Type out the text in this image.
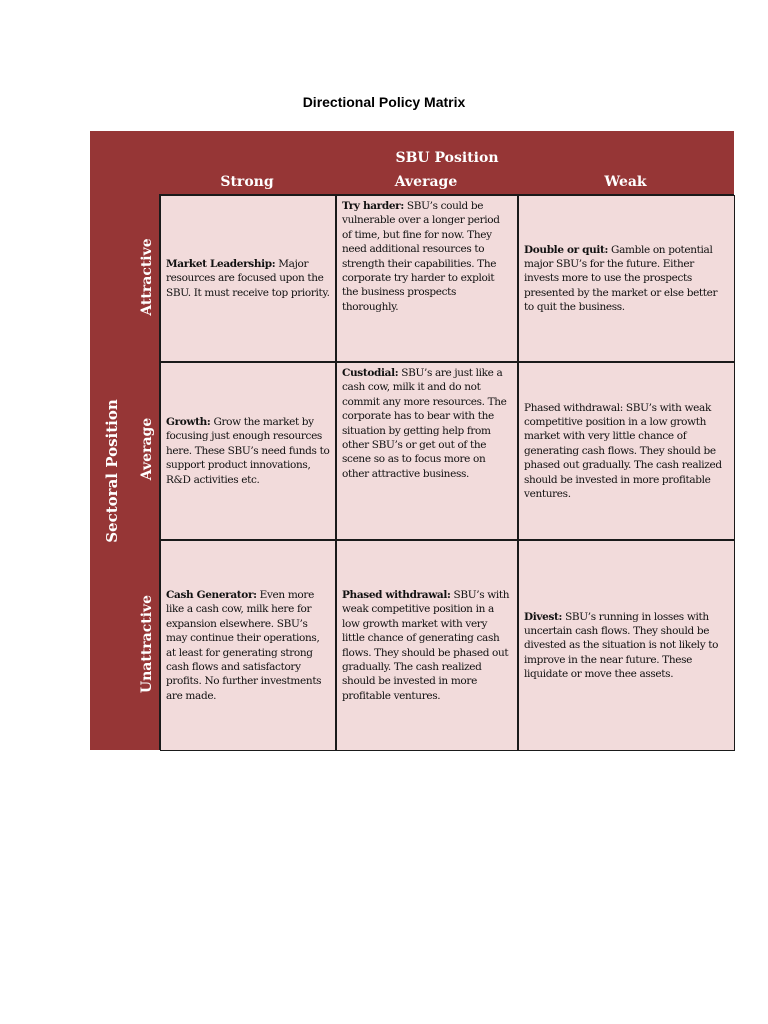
Directional Policy Matrix
SBU Position
Strong	Average	Weak
Sectoral Position
Attractive
Average
Unattractive
Market Leadership: Major resources are focused upon the SBU. It must receive top priority.
Try harder: SBU’s could be vulnerable over a longer period of time, but fine for now. They need additional resources to strength their capabilities. The corporate try harder to exploit the business prospects thoroughly.
Double or quit: Gamble on potential major SBU’s for the future. Either invests more to use the prospects presented by the market or else better to quit the business.
Growth: Grow the market by focusing just enough resources here. These SBU’s need funds to support product innovations, R&D activities etc.
Custodial: SBU’s are just like a cash cow, milk it and do not commit any more resources. The corporate has to bear with the situation by getting help from other SBU’s or get out of the scene so as to focus more on other attractive business.
Phased withdrawal: SBU’s with weak competitive position in a low growth market with very little chance of generating cash flows. They should be phased out gradually. The cash realized should be invested in more profitable ventures.
Cash Generator: Even more like a cash cow, milk here for expansion elsewhere. SBU’s may continue their operations, at least for generating strong cash flows and satisfactory profits. No further investments are made.
Phased withdrawal: SBU’s with weak competitive position in a low growth market with very little chance of generating cash flows. They should be phased out gradually. The cash realized should be invested in more profitable ventures.
Divest: SBU’s running in losses with uncertain cash flows. They should be divested as the situation is not likely to improve in the near future. These liquidate or move thee assets.
